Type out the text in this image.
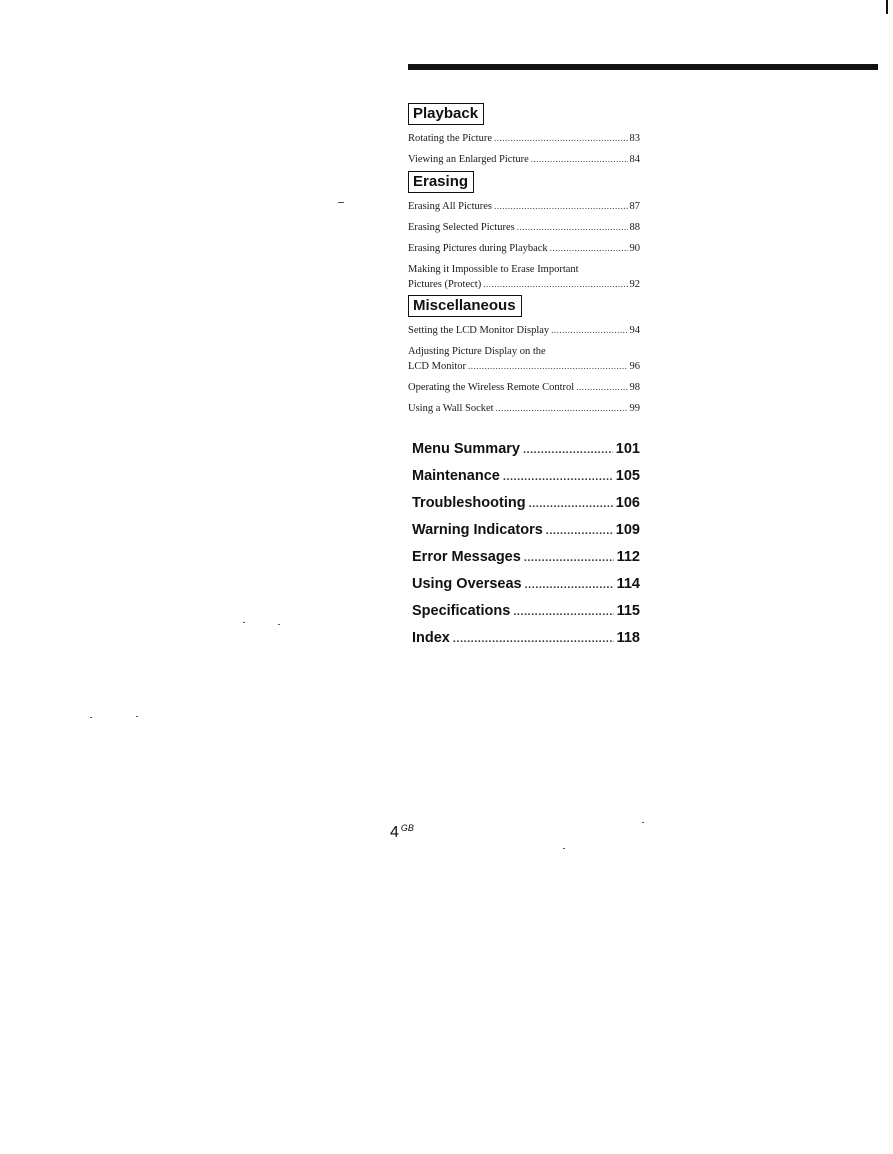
Playback
Rotating the Picture .....	83
Viewing an Enlarged Picture .....	84
Erasing
Erasing All Pictures .....	87
Erasing Selected Pictures .....	88
Erasing Pictures during Playback .....	90
Making it Impossible to Erase Important
Pictures (Protect) .....	92
Miscellaneous
Setting the LCD Monitor Display .....	94
Adjusting Picture Display on the
LCD Monitor .....	96
Operating the Wireless Remote Control .....	98
Using a Wall Socket .....	99
Menu Summary .....	101
Maintenance .....	105
Troubleshooting .....	106
Warning Indicators .....	109
Error Messages .....	112
Using Overseas .....	114
Specifications .....	115
Index .....	118
4 $^{GB}$
